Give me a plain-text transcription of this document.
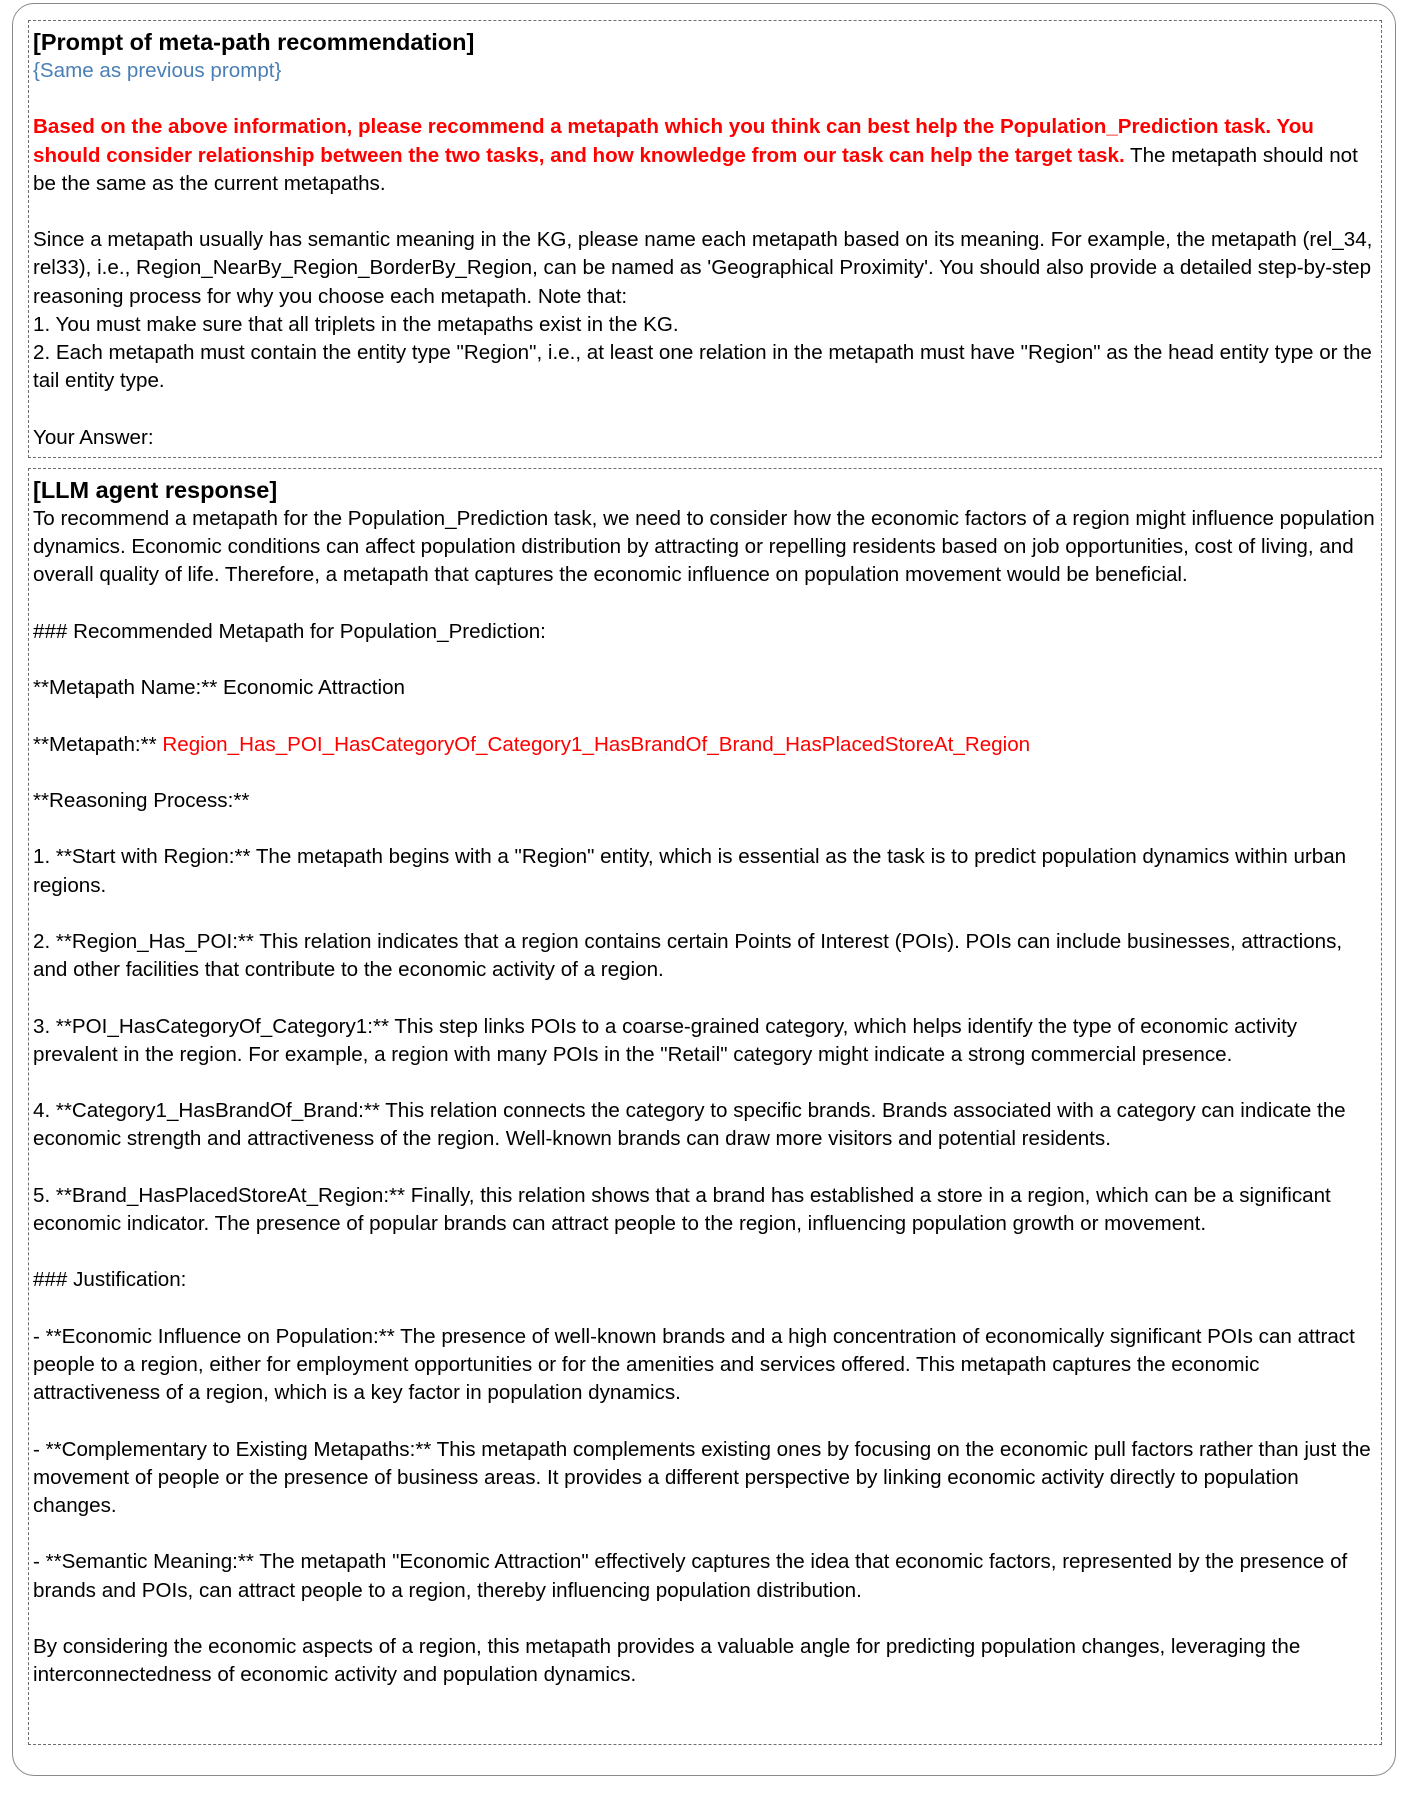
[Prompt of meta-path recommendation]

{Same as previous prompt}

Based on the above information, please recommend a metapath which you think can best help the Population_Prediction task. You should consider relationship between the two tasks, and how knowledge from our task can help the target task. The metapath should not be the same as the current metapaths.

Since a metapath usually has semantic meaning in the KG, please name each metapath based on its meaning. For example, the metapath (rel_34, rel33), i.e., Region_NearBy_Region_BorderBy_Region, can be named as 'Geographical Proximity'. You should also provide a detailed step-by-step reasoning process for why you choose each metapath. Note that:

1. You must make sure that all triplets in the metapaths exist in the KG.

2. Each metapath must contain the entity type "Region", i.e., at least one relation in the metapath must have "Region" as the head entity type or the tail entity type.

Your Answer:

[LLM agent response]

To recommend a metapath for the Population_Prediction task, we need to consider how the economic factors of a region might influence population dynamics. Economic conditions can affect population distribution by attracting or repelling residents based on job opportunities, cost of living, and overall quality of life. Therefore, a metapath that captures the economic influence on population movement would be beneficial.

### Recommended Metapath for Population_Prediction:

**Metapath Name:** Economic Attraction

**Metapath:** Region_Has_POI_HasCategoryOf_Category1_HasBrandOf_Brand_HasPlacedStoreAt_Region

**Reasoning Process:**

1. **Start with Region:** The metapath begins with a "Region" entity, which is essential as the task is to predict population dynamics within urban regions.

2. **Region_Has_POI:** This relation indicates that a region contains certain Points of Interest (POIs). POIs can include businesses, attractions, and other facilities that contribute to the economic activity of a region.

3. **POI_HasCategoryOf_Category1:** This step links POIs to a coarse-grained category, which helps identify the type of economic activity prevalent in the region. For example, a region with many POIs in the "Retail" category might indicate a strong commercial presence.

4. **Category1_HasBrandOf_Brand:** This relation connects the category to specific brands. Brands associated with a category can indicate the economic strength and attractiveness of the region. Well-known brands can draw more visitors and potential residents.

5. **Brand_HasPlacedStoreAt_Region:** Finally, this relation shows that a brand has established a store in a region, which can be a significant economic indicator. The presence of popular brands can attract people to the region, influencing population growth or movement.

### Justification:

- **Economic Influence on Population:** The presence of well-known brands and a high concentration of economically significant POIs can attract people to a region, either for employment opportunities or for the amenities and services offered. This metapath captures the economic attractiveness of a region, which is a key factor in population dynamics.

- **Complementary to Existing Metapaths:** This metapath complements existing ones by focusing on the economic pull factors rather than just the movement of people or the presence of business areas. It provides a different perspective by linking economic activity directly to population changes.

- **Semantic Meaning:** The metapath "Economic Attraction" effectively captures the idea that economic factors, represented by the presence of brands and POIs, can attract people to a region, thereby influencing population distribution.

By considering the economic aspects of a region, this metapath provides a valuable angle for predicting population changes, leveraging the interconnectedness of economic activity and population dynamics.
